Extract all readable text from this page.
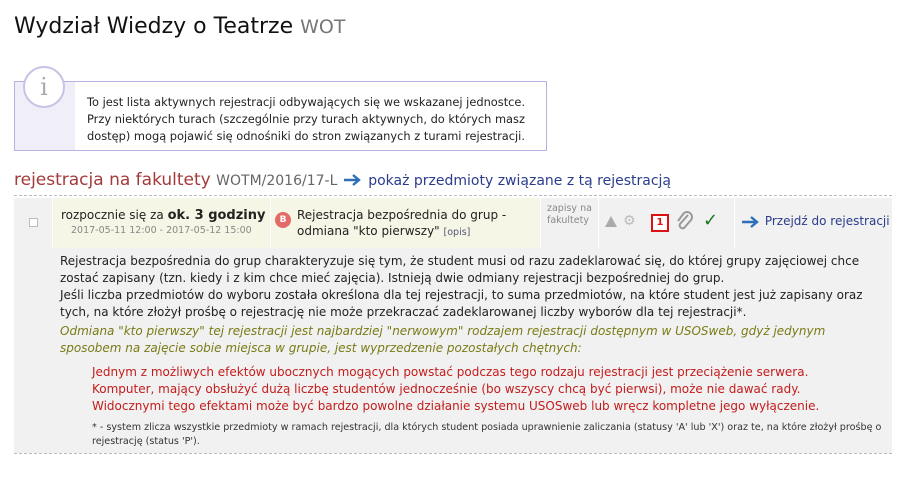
Wydział Wiedzy o Teatrze WOT
i
To jest lista aktywnych rejestracji odbywających się we wskazanej jednostce. Przy niektórych turach (szczególnie przy turach aktywnych, do których masz dostęp) mogą pojawić się odnośniki do stron związanych z turami rejestracji.
rejestracja na fakultety WOTM/2016/17-L pokaż przedmioty związane z tą rejestracją
rozpocznie się za ok. 3 godziny
2017-05-11 12:00 - 2017-05-12 15:00
B Rejestracja bezpośrednia do grup - odmiana "kto pierwszy" [opis]
zapisy na fakultety	⚙	1	✓	Przejdź do rejestracji
Rejestracja bezpośrednia do grup charakteryzuje się tym, że student musi od razu zadeklarować się, do której grupy zajęciowej chce zostać zapisany (tzn. kiedy i z kim chce mieć zajęcia). Istnieją dwie odmiany rejestracji bezpośredniej do grup.
Jeśli liczba przedmiotów do wyboru została określona dla tej rejestracji, to suma przedmiotów, na które student jest już zapisany oraz tych, na które złożył prośbę o rejestrację nie może przekraczać zadeklarowanej liczby wyborów dla tej rejestracji*.
Odmiana "kto pierwszy" tej rejestracji jest najbardziej "nerwowym" rodzajem rejestracji dostępnym w USOSweb, gdyż jedynym sposobem na zajęcie sobie miejsca w grupie, jest wyprzedzenie pozostałych chętnych:
Jednym z możliwych efektów ubocznych mogących powstać podczas tego rodzaju rejestracji jest przeciążenie serwera. Komputer, mający obsłużyć dużą liczbę studentów jednocześnie (bo wszyscy chcą być pierwsi), może nie dawać rady. Widocznymi tego efektami może być bardzo powolne działanie systemu USOSweb lub wręcz kompletne jego wyłączenie.
* - system zlicza wszystkie przedmioty w ramach rejestracji, dla których student posiada uprawnienie zaliczania (statusy 'A' lub 'X') oraz te, na które złożył prośbę o rejestrację (status 'P').
